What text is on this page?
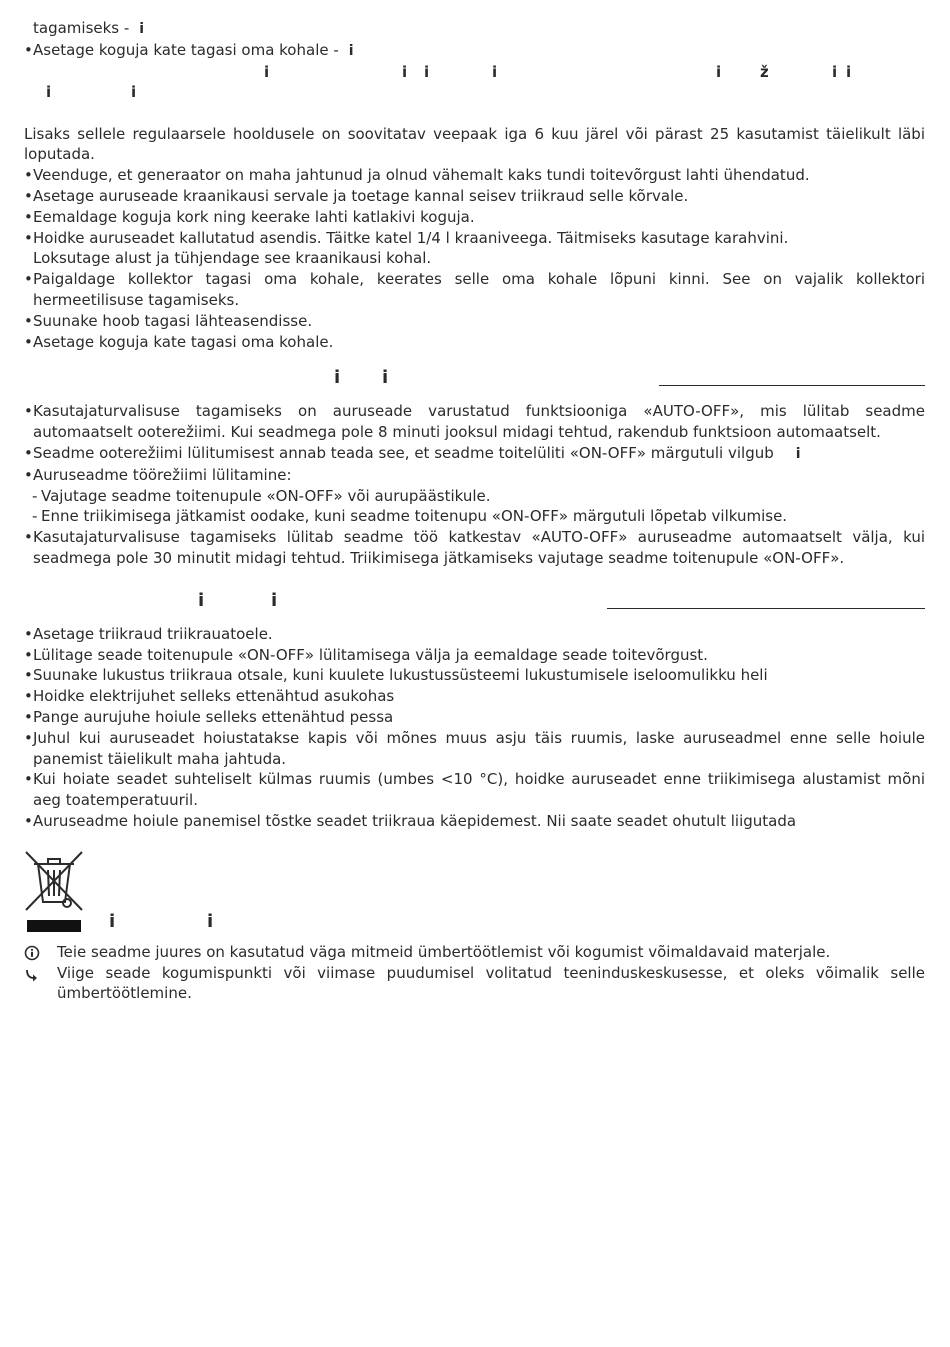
tagamiseks - i

• Asetage koguja kate tagasi oma kohale - i

i	i i	i	i	ž	i i
i	i

Lisaks sellele regulaarsele hooldusele on soovitatav veepaak iga 6 kuu järel või pärast 25 kasutamist täielikult läbi loputada.

• Veenduge, et generaator on maha jahtunud ja olnud vähemalt kaks tundi toitevõrgust lahti ühendatud.

• Asetage auruseade kraanikausi servale ja toetage kannal seisev triikraud selle kõrvale.

• Eemaldage koguja kork ning keerake lahti katlakivi koguja.

• Hoidke auruseadet kallutatud asendis. Täitke katel 1/4 l kraaniveega. Täitmiseks kasutage karahvini.

Loksutage alust ja tühjendage see kraanikausi kohal.

• Paigaldage kollektor tagasi oma kohale, keerates selle oma kohale lõpuni kinni. See on vajalik kollektori hermeetilisuse tagamiseks.

• Suunake hoob tagasi lähteasendisse.

• Asetage koguja kate tagasi oma kohale.

i i

• Kasutajaturvalisuse tagamiseks on auruseade varustatud funktsiooniga «AUTO-OFF», mis lülitab seadme automaatselt ooterežiimi. Kui seadmega pole 8 minuti jooksul midagi tehtud, rakendub funktsioon automaatselt.

• Seadme ooterežiimi lülitumisest annab teada see, et seadme toitelüliti «ON-OFF» märgutuli vilgub i

• Auruseadme töörežiimi lülitamine:

- Vajutage seadme toitenupule «ON-OFF» või aurupäästikule.

- Enne triikimisega jätkamist oodake, kuni seadme toitenupu «ON-OFF» märgutuli lõpetab vilkumise.

• Kasutajaturvalisuse tagamiseks lülitab seadme töö katkestav «AUTO-OFF» auruseadme automaatselt välja, kui seadmega pole 30 minutit midagi tehtud. Triikimisega jätkamiseks vajutage seadme toitenupule «ON-OFF».

i	i

• Asetage triikraud triikrauatoele.

• Lülitage seade toitenupule «ON-OFF» lülitamisega välja ja eemaldage seade toitevõrgust.

• Suunake lukustus triikraua otsale, kuni kuulete lukustussüsteemi lukustumisele iseloomulikku heli

• Hoidke elektrijuhet selleks ettenähtud asukohas

• Pange aurujuhe hoiule selleks ettenähtud pessa

• Juhul kui auruseadet hoiustatakse kapis või mõnes muus asju täis ruumis, laske auruseadmel enne selle hoiule panemist täielikult maha jahtuda.

• Kui hoiate seadet suhteliselt külmas ruumis (umbes <10 °C), hoidke auruseadet enne triikimisega alustamist mõni aeg toatemperatuuril.

• Auruseadme hoiule panemisel tõstke seadet triikraua käepidemest. Nii saate seadet ohutult liigutada

i	i

Teie seadme juures on kasutatud väga mitmeid ümbertöötlemist või kogumist võimaldavaid materjale.

Viige seade kogumispunkti või viimase puudumisel volitatud teeninduskeskusesse, et oleks võimalik selle ümbertöötlemine.
